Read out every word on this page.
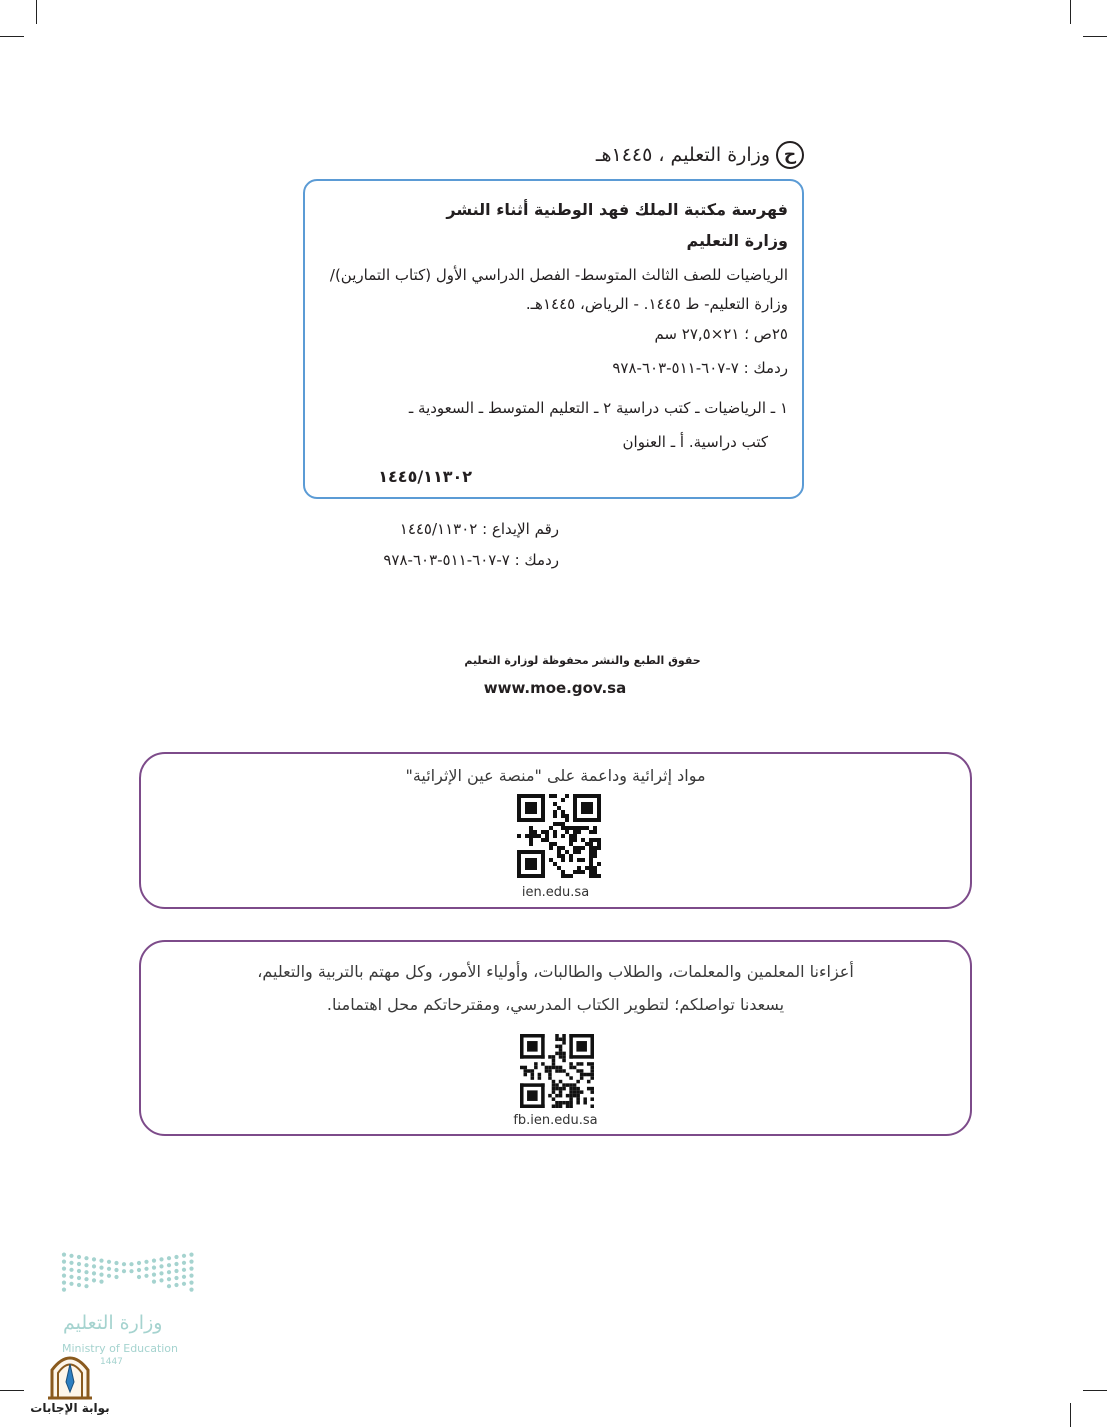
ح
وزارة التعليم ، ١٤٤٥هـ
فهرسة مكتبة الملك فهد الوطنية أثناء النشر
وزارة التعليم
الرياضيات للصف الثالث المتوسط- الفصل الدراسي الأول (كتاب التمارين)/
وزارة التعليم- ط ١٤٤٥. - الرياض، ١٤٤٥هـ.
٢٥ص ؛ ٢١×٢٧,٥ سم
ردمك : ٧-٦٠٧-٥١١-٦٠٣-٩٧٨
١ ـ الرياضيات ـ كتب دراسية ٢ ـ التعليم المتوسط ـ السعودية ـ
كتب دراسية. أ ـ العنوان
١٤٤٥/١١٣٠٢
رقم الإيداع : ١٤٤٥/١١٣٠٢
ردمك : ٧-٦٠٧-٥١١-٦٠٣-٩٧٨
حقوق الطبع والنشر محفوظة لوزارة التعليم
www.moe.gov.sa
مواد إثرائية وداعمة على "منصة عين الإثرائية"
ien.edu.sa
أعزاءنا المعلمين والمعلمات، والطلاب والطالبات، وأولياء الأمور، وكل مهتم بالتربية والتعليم،
يسعدنا تواصلكم؛ لتطوير الكتاب المدرسي، ومقترحاتكم محل اهتمامنا.
fb.ien.edu.sa
وزارة التعليم
Ministry of Education
1447
بوابة الإجابات
